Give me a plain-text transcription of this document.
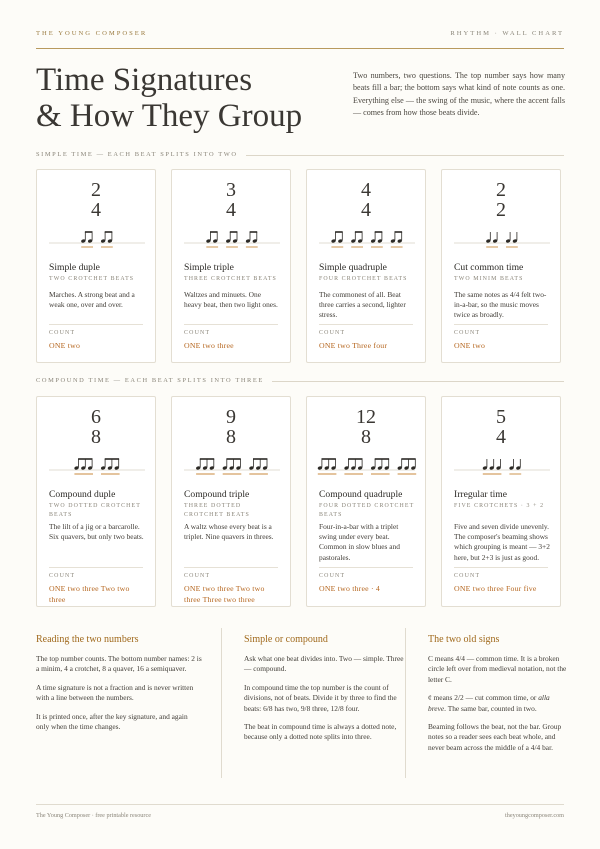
THE YOUNG COMPOSER	RHYTHM · WALL CHART
Time Signatures
& How They Group
Two numbers, two questions. The top number says how many beats fill a bar; the bottom says what kind of note counts as one. Everything else — the swing of the music, where the accent falls — comes from how those beats divide.
SIMPLE TIME — EACH BEAT SPLITS INTO TWO
2
4
Simple duple
TWO CROTCHET BEATS
Marches. A strong beat and a weak one, over and over.
COUNT
ONE two
3
4
Simple triple
THREE CROTCHET BEATS
Waltzes and minuets. One heavy beat, then two light ones.
COUNT
ONE two three
4
4
Simple quadruple
FOUR CROTCHET BEATS
The commonest of all. Beat three carries a second, lighter stress.
COUNT
ONE two Three four
2
2
Cut common time
TWO MINIM BEATS
The same notes as 4/4 felt two-in-a-bar, so the music moves twice as broadly.
COUNT
ONE two
COMPOUND TIME — EACH BEAT SPLITS INTO THREE
6
8
Compound duple
TWO DOTTED CROTCHET BEATS
The lilt of a jig or a barcarolle. Six quavers, but only two beats.
COUNT
ONE two three Two two three
9
8
Compound triple
THREE DOTTED CROTCHET BEATS
A waltz whose every beat is a triplet. Nine quavers in threes.
COUNT
ONE two three Two two three Three two three
12
8
Compound quadruple
FOUR DOTTED CROTCHET BEATS
Four-in-a-bar with a triplet swing under every beat. Common in slow blues and pastorales.
COUNT
ONE two three · 4
5
4
Irregular time
FIVE CROTCHETS · 3 + 2
Five and seven divide unevenly. The composer's beaming shows which grouping is meant — 3+2 here, but 2+3 is just as good.
COUNT
ONE two three Four five
Reading the two numbers

The top number counts. The bottom number names: 2 is a minim, 4 a crotchet, 8 a quaver, 16 a semiquaver.

A time signature is not a fraction and is never written with a line between the numbers.

It is printed once, after the key signature, and again only when the time changes.

Simple or compound

Ask what one beat divides into. Two — simple. Three — compound.

In compound time the top number is the count of divisions, not of beats. Divide it by three to find the beats: 6/8 has two, 9/8 three, 12/8 four.

The beat in compound time is always a dotted note, because only a dotted note splits into three.

The two old signs

C means 4/4 — common time. It is a broken circle left over from medieval notation, not the letter C.

¢ means 2/2 — cut common time, or alla breve. The same bar, counted in two.

Beaming follows the beat, not the bar. Group notes so a reader sees each beat whole, and never beam across the middle of a 4/4 bar.

The Young Composer · free printable resource	theyoungcomposer.com
